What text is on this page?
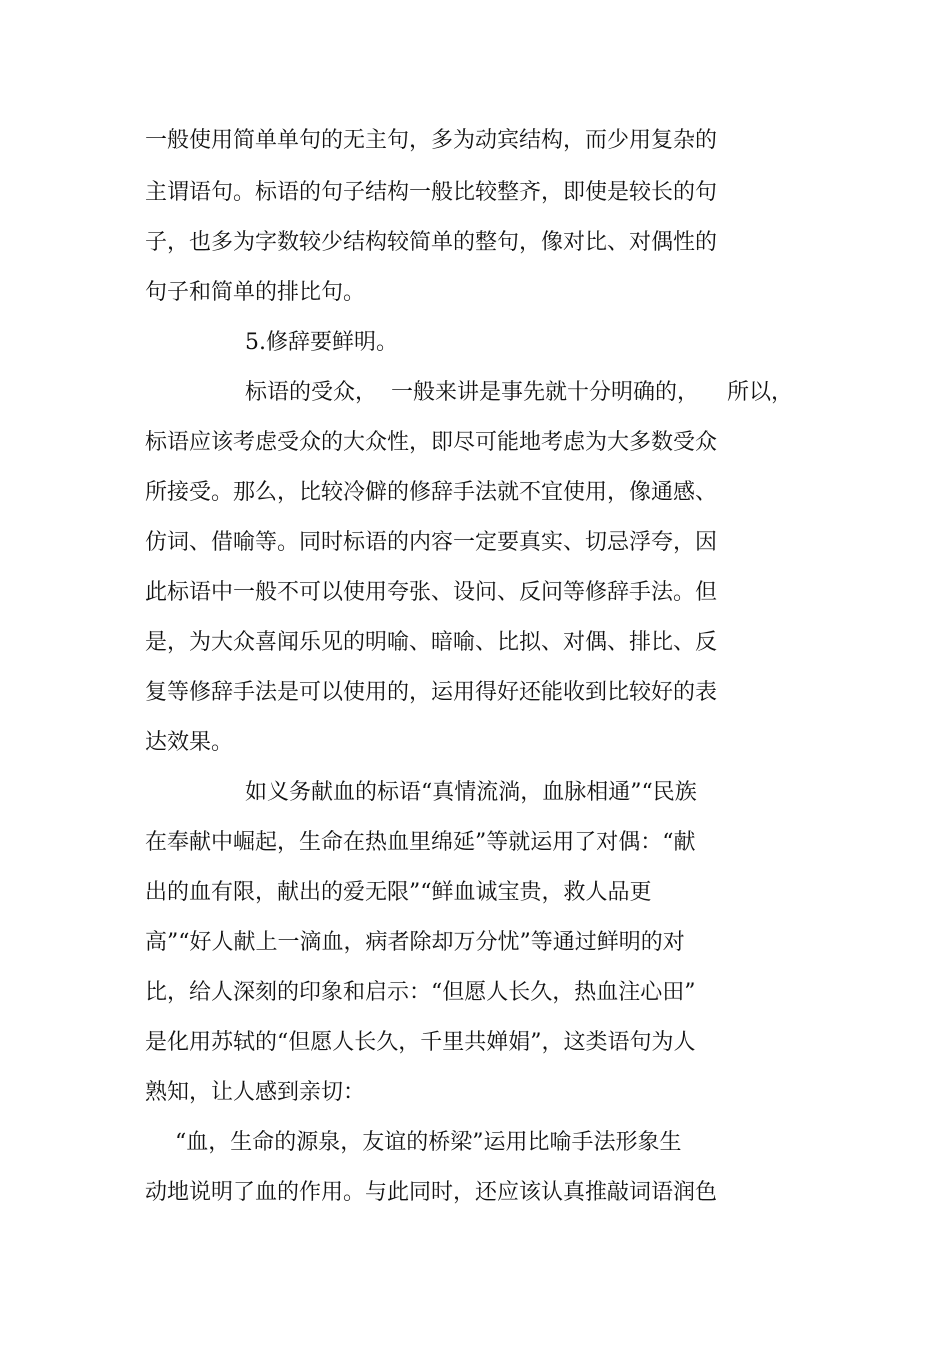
一般使用简单单句的无主句，多为动宾结构，而少用复杂的
主谓语句。标语的句子结构一般比较整齐，即使是较长的句
子，也多为字数较少结构较简单的整句，像对比、对偶性的
句子和简单的排比句。
5.修辞要鲜明。
标语的受众，  一般来讲是事先就十分明确的，    所以，
标语应该考虑受众的大众性，即尽可能地考虑为大多数受众
所接受。那么，比较冷僻的修辞手法就不宜使用，像通感、
仿词、借喻等。同时标语的内容一定要真实、切忌浮夸，因
此标语中一般不可以使用夸张、设问、反问等修辞手法。但
是，为大众喜闻乐见的明喻、暗喻、比拟、对偶、排比、反
复等修辞手法是可以使用的，运用得好还能收到比较好的表
达效果。
如义务献血的标语“真情流淌，血脉相通”“民族
在奉献中崛起，生命在热血里绵延”等就运用了对偶：“献
出的血有限，献出的爱无限”“鲜血诚宝贵，救人品更
高”“好人献上一滴血，病者除却万分忧”等通过鲜明的对
比，给人深刻的印象和启示：“但愿人长久，热血注心田”
是化用苏轼的“但愿人长久，千里共婵娟”，这类语句为人
熟知，让人感到亲切：
“血，生命的源泉，友谊的桥梁”运用比喻手法形象生
动地说明了血的作用。与此同时，还应该认真推敲词语润色
